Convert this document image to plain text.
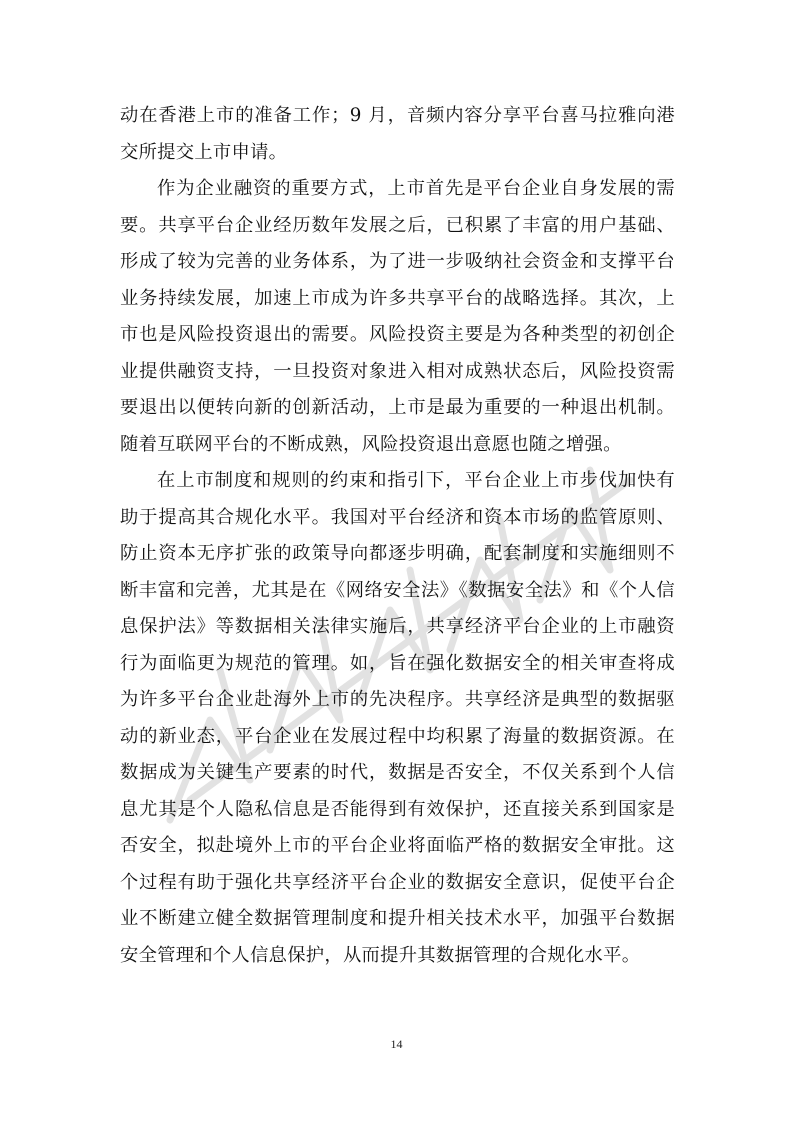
动在香港上市的准备工作；9 月，音频内容分享平台喜马拉雅向港交所提交上市申请。

作为企业融资的重要方式，上市首先是平台企业自身发展的需要。共享平台企业经历数年发展之后，已积累了丰富的用户基础、形成了较为完善的业务体系，为了进一步吸纳社会资金和支撑平台业务持续发展，加速上市成为许多共享平台的战略选择。其次，上市也是风险投资退出的需要。风险投资主要是为各种类型的初创企业提供融资支持，一旦投资对象进入相对成熟状态后，风险投资需要退出以便转向新的创新活动，上市是最为重要的一种退出机制。随着互联网平台的不断成熟，风险投资退出意愿也随之增强。

在上市制度和规则的约束和指引下，平台企业上市步伐加快有助于提高其合规化水平。我国对平台经济和资本市场的监管原则、防止资本无序扩张的政策导向都逐步明确，配套制度和实施细则不断丰富和完善，尤其是在《网络安全法》《数据安全法》和《个人信息保护法》等数据相关法律实施后，共享经济平台企业的上市融资行为面临更为规范的管理。如，旨在强化数据安全的相关审查将成为许多平台企业赴海外上市的先决程序。共享经济是典型的数据驱动的新业态，平台企业在发展过程中均积累了海量的数据资源。在数据成为关键生产要素的时代，数据是否安全，不仅关系到个人信息尤其是个人隐私信息是否能得到有效保护，还直接关系到国家是否安全，拟赴境外上市的平台企业将面临严格的数据安全审批。这个过程有助于强化共享经济平台企业的数据安全意识，促使平台企业不断建立健全数据管理制度和提升相关技术水平，加强平台数据安全管理和个人信息保护，从而提升其数据管理的合规化水平。

14
